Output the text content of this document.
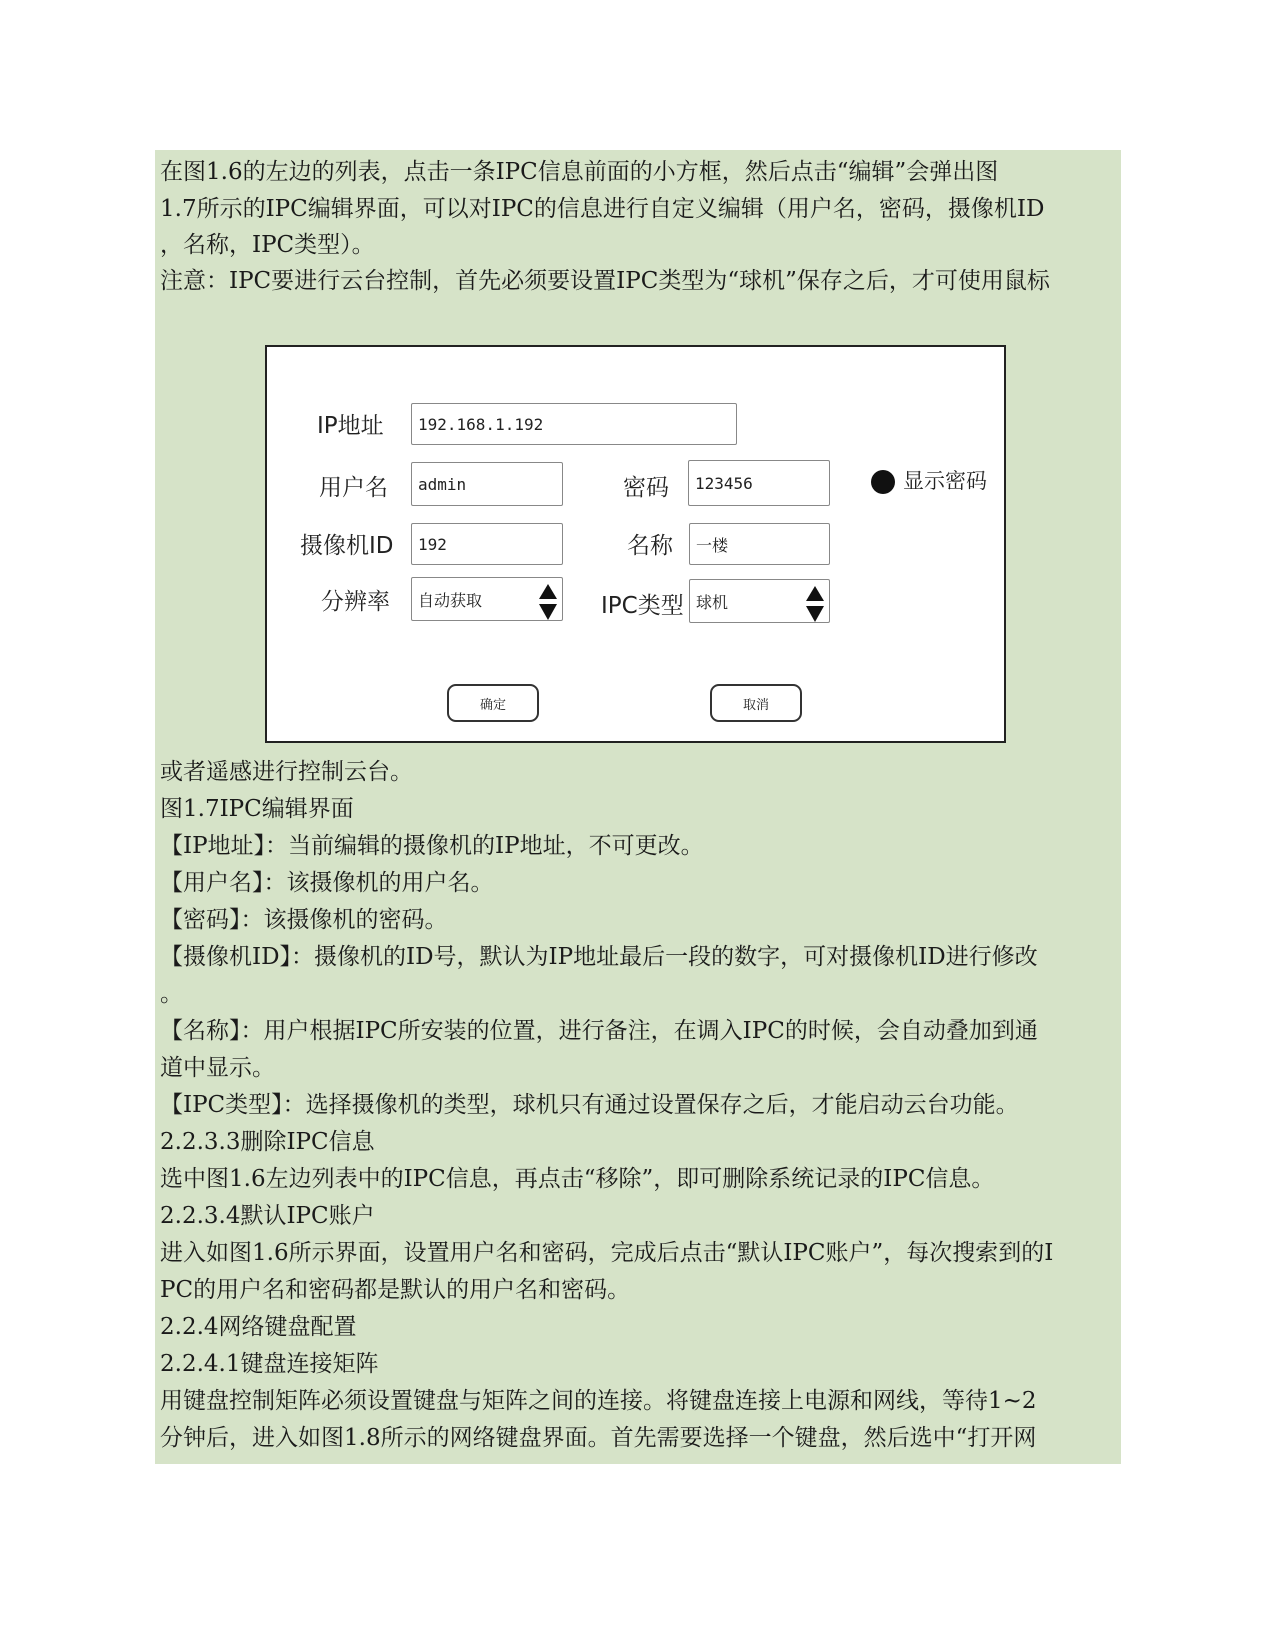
在图1.6的左边的列表，点击一条IPC信息前面的小方框，然后点击“编辑”会弹出图
1.7所示的IPC编辑界面，可以对IPC的信息进行自定义编辑（用户名，密码，摄像机ID
，名称，IPC类型）。
注意：IPC要进行云台控制，首先必须要设置IPC类型为“球机”保存之后，才可使用鼠标
IP地址 192.168.1.192
用户名 admin	密码 123456	显示密码
摄像机ID 192	名称 一楼
分辨率 自动获取	IPC类型 球机
确定	取消
或者遥感进行控制云台。
图1.7IPC编辑界面
【IP地址】：当前编辑的摄像机的IP地址，不可更改。
【用户名】：该摄像机的用户名。
【密码】：该摄像机的密码。
【摄像机ID】：摄像机的ID号，默认为IP地址最后一段的数字，可对摄像机ID进行修改
。
【名称】：用户根据IPC所安装的位置，进行备注，在调入IPC的时候，会自动叠加到通
道中显示。
【IPC类型】：选择摄像机的类型，球机只有通过设置保存之后，才能启动云台功能。
2.2.3.3删除IPC信息
选中图1.6左边列表中的IPC信息，再点击“移除”，即可删除系统记录的IPC信息。
2.2.3.4默认IPC账户
进入如图1.6所示界面，设置用户名和密码，完成后点击“默认IPC账户”，每次搜索到的I
PC的用户名和密码都是默认的用户名和密码。
2.2.4网络键盘配置
2.2.4.1键盘连接矩阵
用键盘控制矩阵必须设置键盘与矩阵之间的连接。将键盘连接上电源和网线，等待1~2
分钟后，进入如图1.8所示的网络键盘界面。首先需要选择一个键盘，然后选中“打开网
